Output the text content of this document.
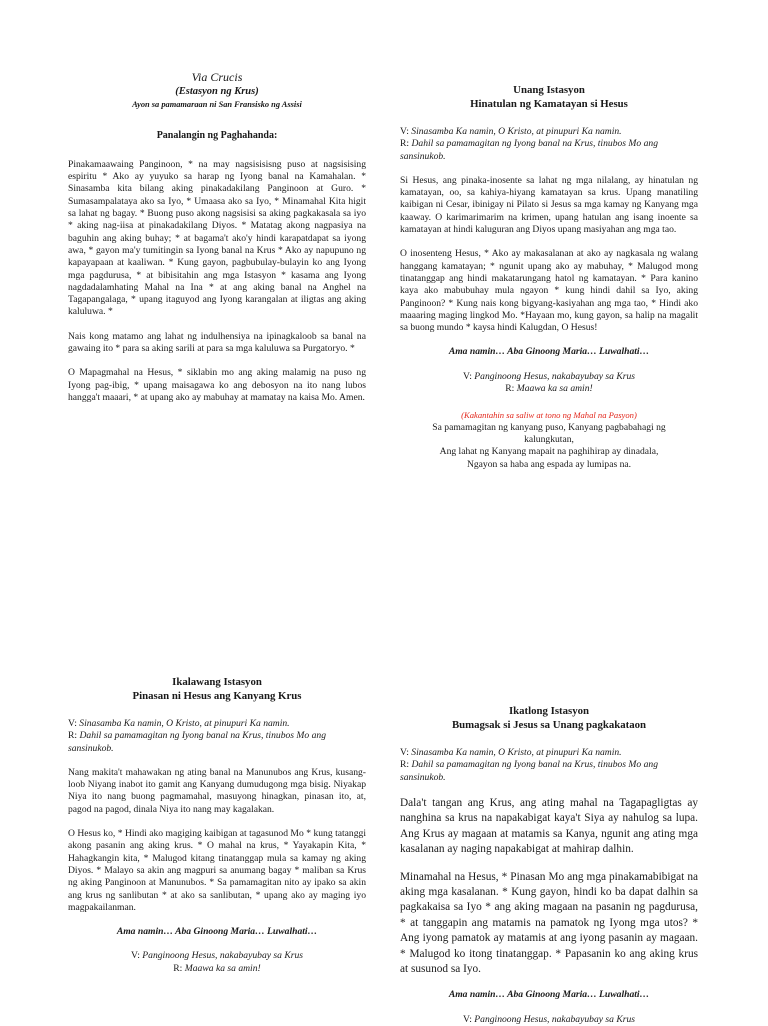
Via Crucis
(Estasyon ng Krus)
Ayon sa pamamaraan ni San Fransisko ng Assisi
Panalangin ng Paghahanda:

Pinakamaawaing Panginoon, * na may nagsisisisng puso at nagsisising espiritu * Ako ay yuyuko sa harap ng Iyong banal na Kamahalan. * Sinasamba kita bilang aking pinakadakilang Panginoon at Guro. * Sumasampalataya ako sa Iyo, * Umaasa ako sa Iyo, * Minamahal Kita higit sa lahat ng bagay. * Buong puso akong nagsisisi sa aking pagkakasala sa iyo * aking nag-iisa at pinakadakilang Diyos. * Matatag akong nagpasiya na baguhin ang aking buhay; * at bagama't ako'y hindi karapatdapat sa iyong awa, * gayon ma'y tumitingin sa Iyong banal na Krus * Ako ay napupuno ng kapayapaan at kaaliwan. * Kung gayon, pagbubulay-bulayin ko ang Iyong mga pagdurusa, * at bibisitahin ang mga Istasyon * kasama ang Iyong nagdadalamhating Mahal na Ina * at ang aking banal na Anghel na Tagapangalaga, * upang itaguyod ang Iyong karangalan at iligtas ang aking kaluluwa. *

Nais kong matamo ang lahat ng indulhensiya na ipinagkaloob sa banal na gawaing ito * para sa aking sarili at para sa mga kaluluwa sa Purgatoryo. *

O Mapagmahal na Hesus, * siklabin mo ang aking malamig na puso ng Iyong pag-ibig, * upang maisagawa ko ang debosyon na ito nang lubos hangga't maaari, * at upang ako ay mabuhay at mamatay na kaisa Mo. Amen.

Unang Istasyon
Hinatulan ng Kamatayan si Hesus
V: Sinasamba Ka namin, O Kristo, at pinupuri Ka namin.
R: Dahil sa pamamagitan ng Iyong banal na Krus, tinubos Mo ang sansinukob.

Si Hesus, ang pinaka-inosente sa lahat ng mga nilalang, ay hinatulan ng kamatayan, oo, sa kahiya-hiyang kamatayan sa krus. Upang manatiling kaibigan ni Cesar, ibinigay ni Pilato si Jesus sa mga kamay ng Kanyang mga kaaway. O karimarimarim na krimen, upang hatulan ang isang inoente sa kamatayan at hindi kaluguran ang Diyos upang masiyahan ang mga tao.

O inosenteng Hesus, * Ako ay makasalanan at ako ay nagkasala ng walang hanggang kamatayan; * ngunit upang ako ay mabuhay, * Malugod mong tinatanggap ang hindi makatarungang hatol ng kamatayan. * Para kanino kaya ako mabubuhay mula ngayon * kung hindi dahil sa Iyo, aking Panginoon? * Kung nais kong bigyang-kasiyahan ang mga tao, * Hindi ako maaaring maging lingkod Mo. *Hayaan mo, kung gayon, sa halip na magalit sa buong mundo * kaysa hindi Kalugdan, O Hesus!

Ama namin… Aba Ginoong Maria… Luwalhati…
V: Panginoong Hesus, nakabayubay sa Krus
R: Maawa ka sa amin!
(Kakantahin sa saliw at tono ng Mahal na Pasyon)
Sa pamamagitan ng kanyang puso, Kanyang pagbabahagi ng
kalungkutan,
Ang lahat ng Kanyang mapait na paghihirap ay dinadala,
Ngayon sa haba ang espada ay lumipas na.
Ikalawang Istasyon
Pinasan ni Hesus ang Kanyang Krus
V: Sinasamba Ka namin, O Kristo, at pinupuri Ka namin.
R: Dahil sa pamamagitan ng Iyong banal na Krus, tinubos Mo ang sansinukob.

Nang makita't mahawakan ng ating banal na Manunubos ang Krus, kusang-loob Niyang inabot ito gamit ang Kanyang dumudugong mga bisig. Niyakap Niya ito nang buong pagmamahal, masuyong hinagkan, pinasan ito, at, pagod na pagod, dinala Niya ito nang may kagalakan.

O Hesus ko, * Hindi ako magiging kaibigan at tagasunod Mo * kung tatanggi akong pasanin ang aking krus. * O mahal na krus, * Yayakapin Kita, * Hahagkangin kita, * Malugod kitang tinatanggap mula sa kamay ng aking Diyos. * Malayo sa akin ang magpuri sa anumang bagay * maliban sa Krus ng aking Panginoon at Manunubos. * Sa pamamagitan nito ay ipako sa akin ang krus ng sanlibutan * at ako sa sanlibutan, * upang ako ay maging iyo magpakailanman.

Ama namin… Aba Ginoong Maria… Luwalhati…
V: Panginoong Hesus, nakabayubay sa Krus
R: Maawa ka sa amin!
Ikatlong Istasyon
Bumagsak si Jesus sa Unang pagkakataon
V: Sinasamba Ka namin, O Kristo, at pinupuri Ka namin.
R: Dahil sa pamamagitan ng Iyong banal na Krus, tinubos Mo ang sansinukob.

Dala't tangan ang Krus, ang ating mahal na Tagapagligtas ay nanghina sa krus na napakabigat kaya't Siya ay nahulog sa lupa. Ang Krus ay magaan at matamis sa Kanya, ngunit ang ating mga kasalanan ay naging napakabigat at mahirap dalhin.

Minamahal na Hesus, * Pinasan Mo ang mga pinakamabibigat na aking mga kasalanan. * Kung gayon, hindi ko ba dapat dalhin sa pagkakaisa sa Iyo * ang aking magaan na pasanin ng pagdurusa, * at tanggapin ang matamis na pamatok ng Iyong mga utos? * Ang iyong pamatok ay matamis at ang iyong pasanin ay magaan. * Malugod ko itong tinatanggap. * Papasanin ko ang aking krus at susunod sa Iyo.

Ama namin… Aba Ginoong Maria… Luwalhati…
V: Panginoong Hesus, nakabayubay sa Krus
